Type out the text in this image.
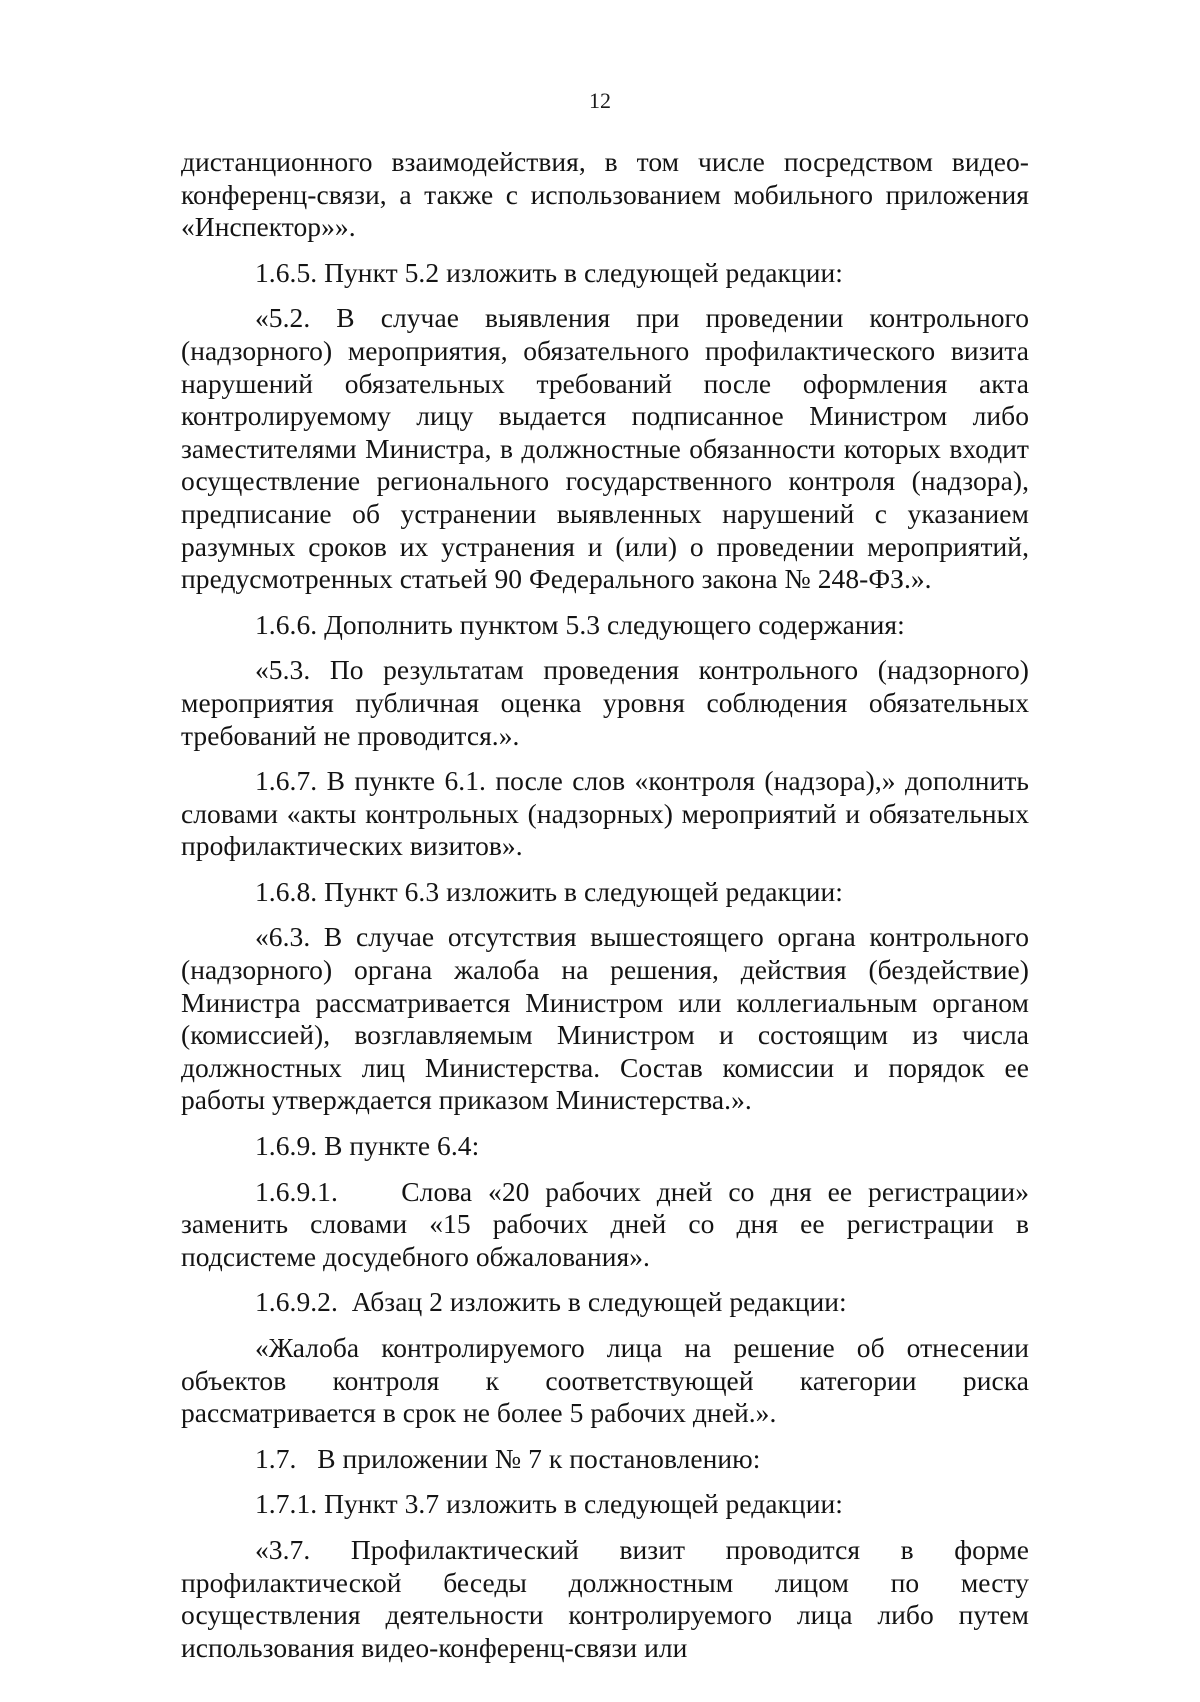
12

дистанционного взаимодействия, в том числе посредством видео-конференц-связи, а также с использованием мобильного приложения «Инспектор»».

1.6.5. Пункт 5.2 изложить в следующей редакции:

«5.2. В случае выявления при проведении контрольного (надзорного) мероприятия, обязательного профилактического визита нарушений обязательных требований после оформления акта контролируемому лицу выдается подписанное Министром либо заместителями Министра, в должностные обязанности которых входит осуществление регионального государственного контроля (надзора), предписание об устранении выявленных нарушений с указанием разумных сроков их устранения и (или) о проведении мероприятий, предусмотренных статьей 90 Федерального закона № 248-ФЗ.».

1.6.6. Дополнить пунктом 5.3 следующего содержания:

«5.3. По результатам проведения контрольного (надзорного) мероприятия публичная оценка уровня соблюдения обязательных требований не проводится.».

1.6.7. В пункте 6.1. после слов «контроля (надзора),» дополнить словами «акты контрольных (надзорных) мероприятий и обязательных профилактических визитов».

1.6.8. Пункт 6.3 изложить в следующей редакции:

«6.3. В случае отсутствия вышестоящего органа контрольного (надзорного) органа жалоба на решения, действия (бездействие) Министра рассматривается Министром или коллегиальным органом (комиссией), возглавляемым Министром и состоящим из числа должностных лиц Министерства. Состав комиссии и порядок ее работы утверждается приказом Министерства.».

1.6.9. В пункте 6.4:

1.6.9.1.    Слова «20 рабочих дней со дня ее регистрации» заменить словами «15 рабочих дней со дня ее регистрации в подсистеме досудебного обжалования».

1.6.9.2.  Абзац 2 изложить в следующей редакции:

«Жалоба контролируемого лица на решение об отнесении объектов контроля к соответствующей категории риска рассматривается в срок не более 5 рабочих дней.».

1.7.   В приложении № 7 к постановлению:

1.7.1. Пункт 3.7 изложить в следующей редакции:

«3.7. Профилактический визит проводится в форме профилактической беседы должностным лицом по месту осуществления деятельности контролируемого лица либо путем использования видео-конференц-связи или
